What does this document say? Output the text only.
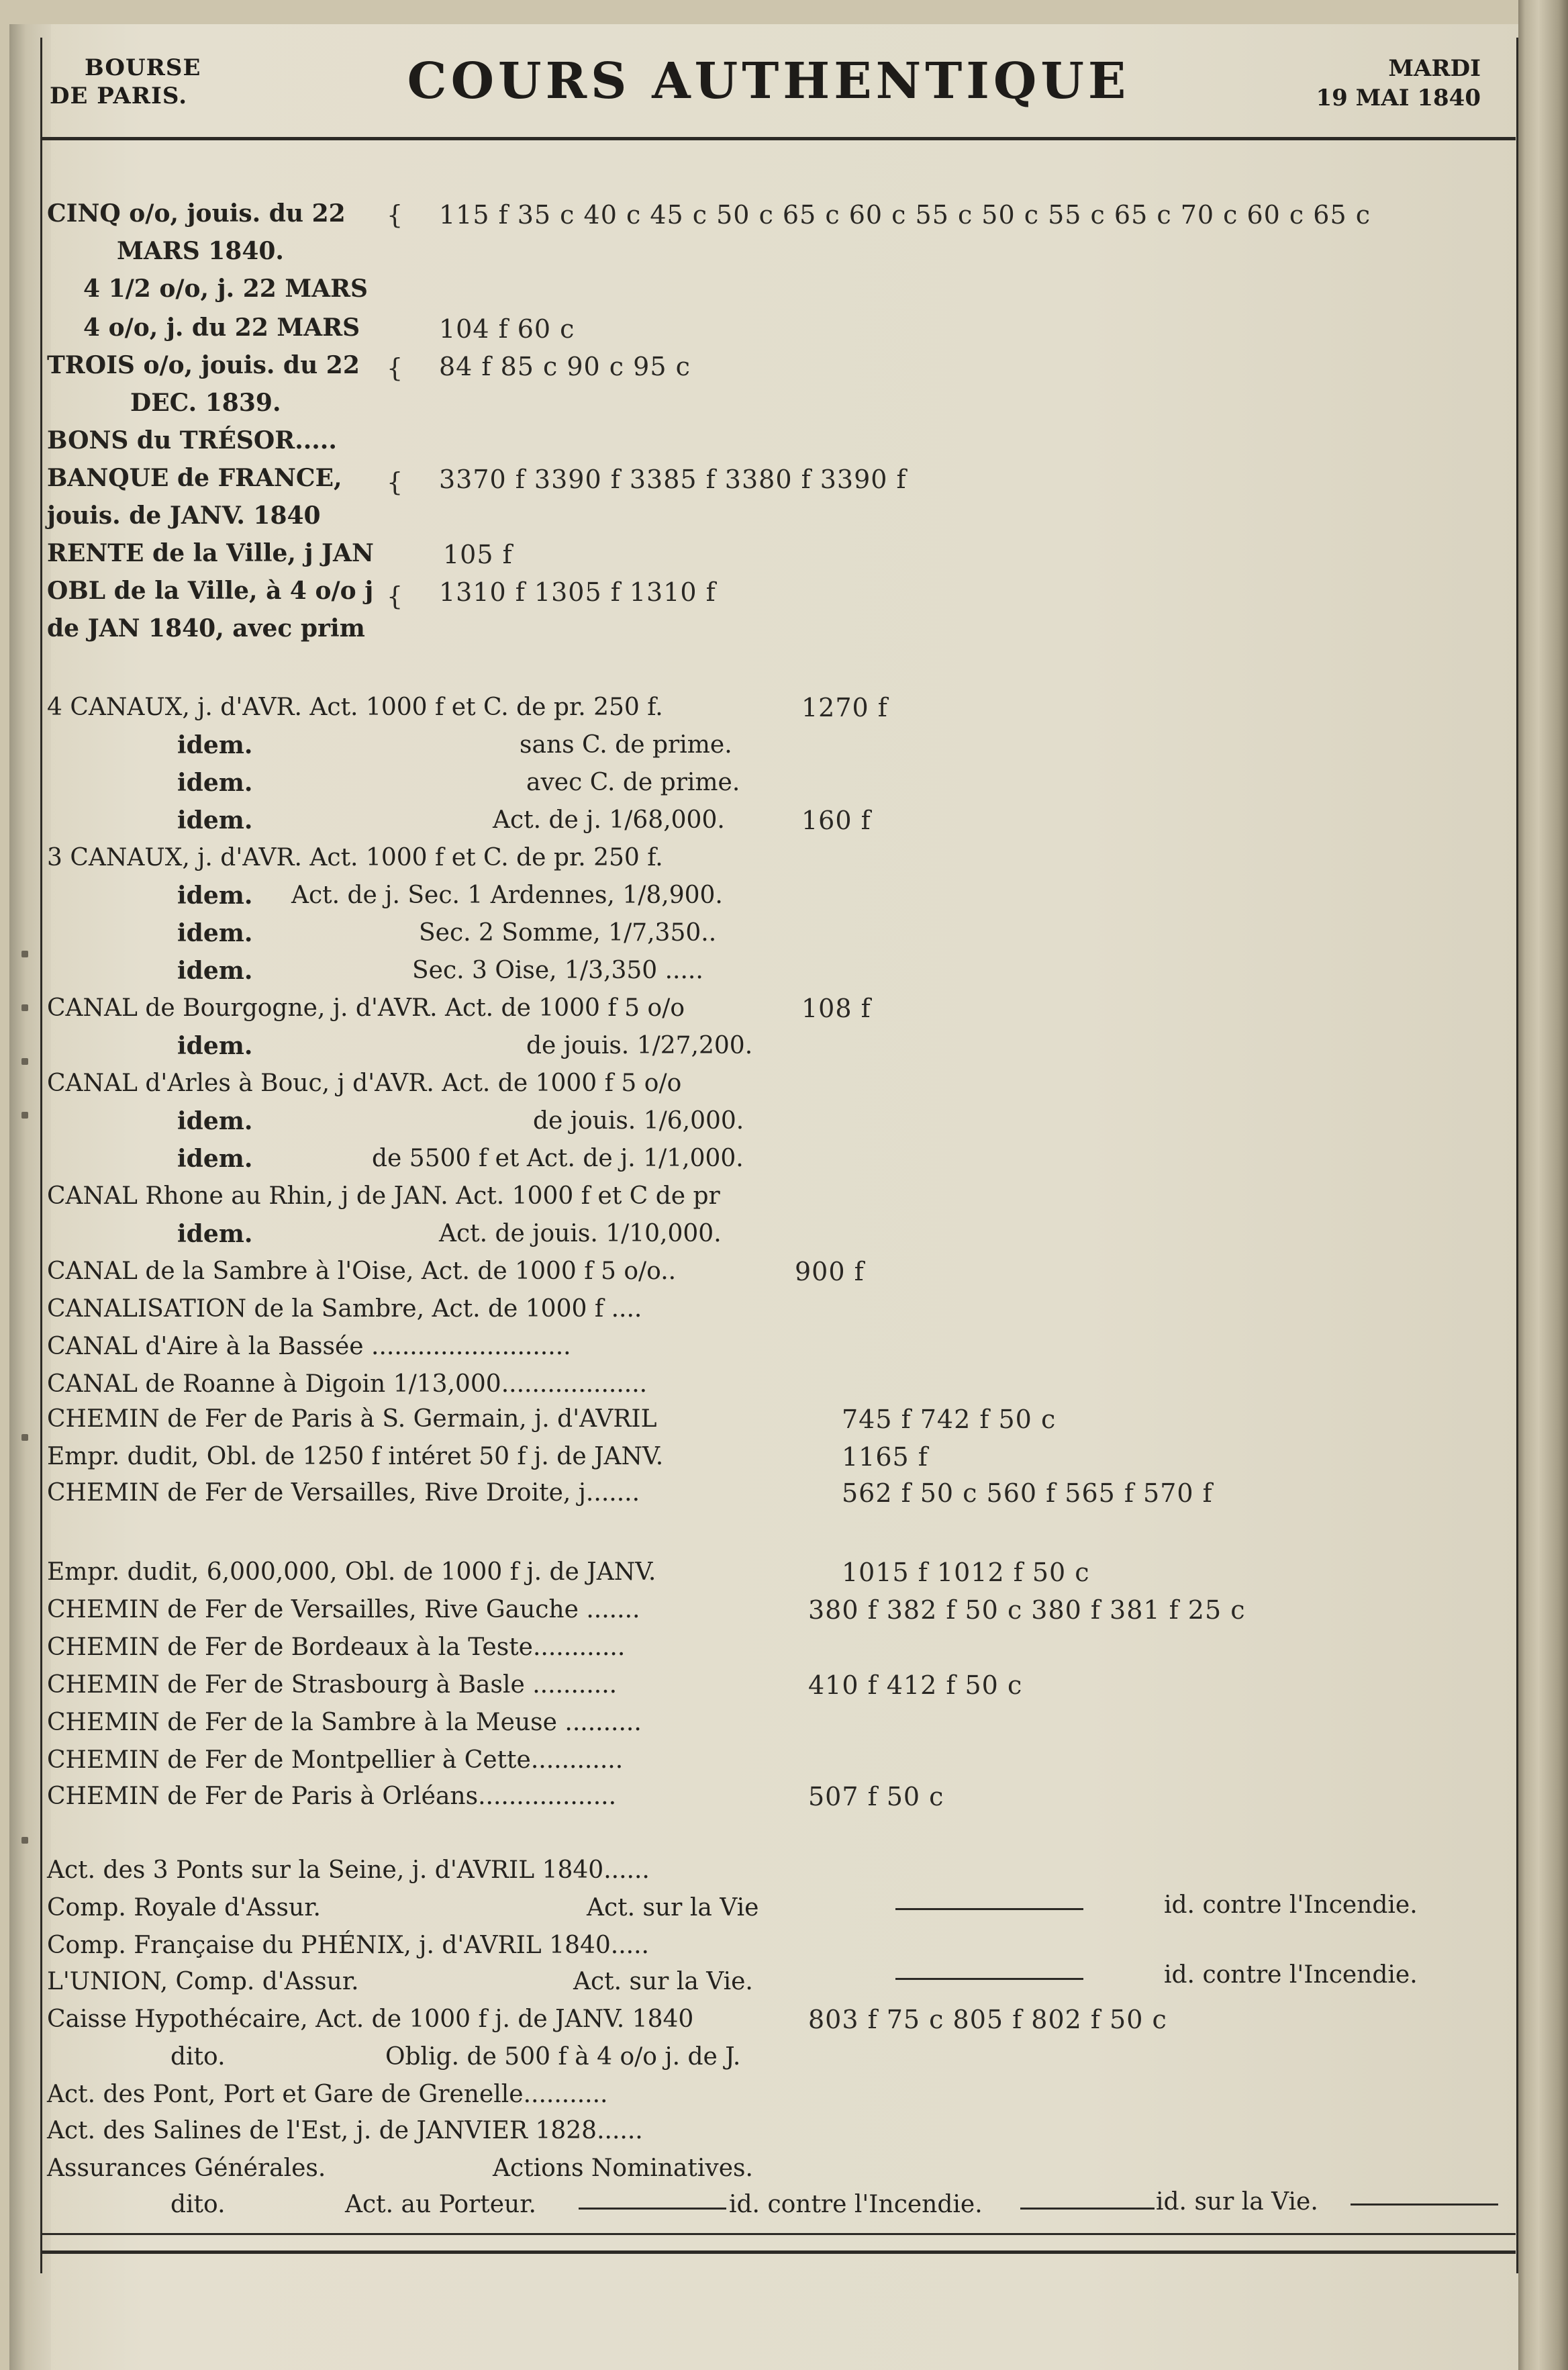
BOURSE
DE PARIS.	COURS AUTHENTIQUE	MARDI
19 MAI 1840
CINQ o/o, jouis. du 22
MARS 1840.
{ 115 f 35 c 40 c 45 c 50 c 65 c 60 c 55 c 50 c 55 c 65 c 70 c 60 c 65 c
4 1/2 o/o, j. 22 MARS
4 o/o, j. du 22 MARS	104 f 60 c
TROIS o/o, jouis. du 22
DEC. 1839.
{ 84 f 85 c 90 c 95 c
BONS du TRÉSOR.....
BANQUE de FRANCE,
jouis. de JANV. 1840
{ 3370 f 3390 f 3385 f 3380 f 3390 f
RENTE de la Ville, j JAN	105 f
OBL de la Ville, à 4 o/o j
de JAN 1840, avec prim
{ 1310 f 1305 f 1310 f
4 CANAUX, j. d'AVR. Act. 1000 f et C. de pr. 250 f.	1270 f
idem.	sans C. de prime.
idem.	avec C. de prime.
idem.	Act. de j. 1/68,000.	160 f
3 CANAUX, j. d'AVR. Act. 1000 f et C. de pr. 250 f.
idem. Act. de j. Sec. 1 Ardennes, 1/8,900.
idem.	Sec. 2 Somme, 1/7,350..
idem.	Sec. 3 Oise, 1/3,350 .....
CANAL de Bourgogne, j. d'AVR. Act. de 1000 f 5 o/o	108 f
idem.	de jouis. 1/27,200.
CANAL d'Arles à Bouc, j d'AVR. Act. de 1000 f 5 o/o
idem.	de jouis. 1/6,000.
idem.	de 5500 f et Act. de j. 1/1,000.
CANAL Rhone au Rhin, j de JAN. Act. 1000 f et C de pr
idem.	Act. de jouis. 1/10,000.
CANAL de la Sambre à l'Oise, Act. de 1000 f 5 o/o..	900 f
CANALISATION de la Sambre, Act. de 1000 f ....
CANAL d'Aire à la Bassée ..........................
CANAL de Roanne à Digoin 1/13,000...................
CHEMIN de Fer de Paris à S. Germain, j. d'AVRIL	745 f 742 f 50 c
Empr. dudit, Obl. de 1250 f intéret 50 f j. de JANV.	1165 f
CHEMIN de Fer de Versailles, Rive Droite, j.......	562 f 50 c 560 f 565 f 570 f
Empr. dudit, 6,000,000, Obl. de 1000 f j. de JANV.	1015 f 1012 f 50 c
CHEMIN de Fer de Versailles, Rive Gauche .......	380 f 382 f 50 c 380 f 381 f 25 c
CHEMIN de Fer de Bordeaux à la Teste............
CHEMIN de Fer de Strasbourg à Basle ...........	410 f 412 f 50 c
CHEMIN de Fer de la Sambre à la Meuse ..........
CHEMIN de Fer de Montpellier à Cette............
CHEMIN de Fer de Paris à Orléans..................	507 f 50 c
Act. des 3 Ponts sur la Seine, j. d'AVRIL 1840......
Comp. Royale d'Assur.	Act. sur la Vie	id. contre l'Incendie.
Comp. Française du PHÉNIX, j. d'AVRIL 1840.....
L'UNION, Comp. d'Assur.	Act. sur la Vie.	id. contre l'Incendie.
Caisse Hypothécaire, Act. de 1000 f j. de JANV. 1840	803 f 75 c 805 f 802 f 50 c
dito.	Oblig. de 500 f à 4 o/o j. de J.
Act. des Pont, Port et Gare de Grenelle...........
Act. des Salines de l'Est, j. de JANVIER 1828......
Assurances Générales.	Actions Nominatives.
dito.	Act. au Porteur.	id. contre l'Incendie.	id. sur la Vie.
